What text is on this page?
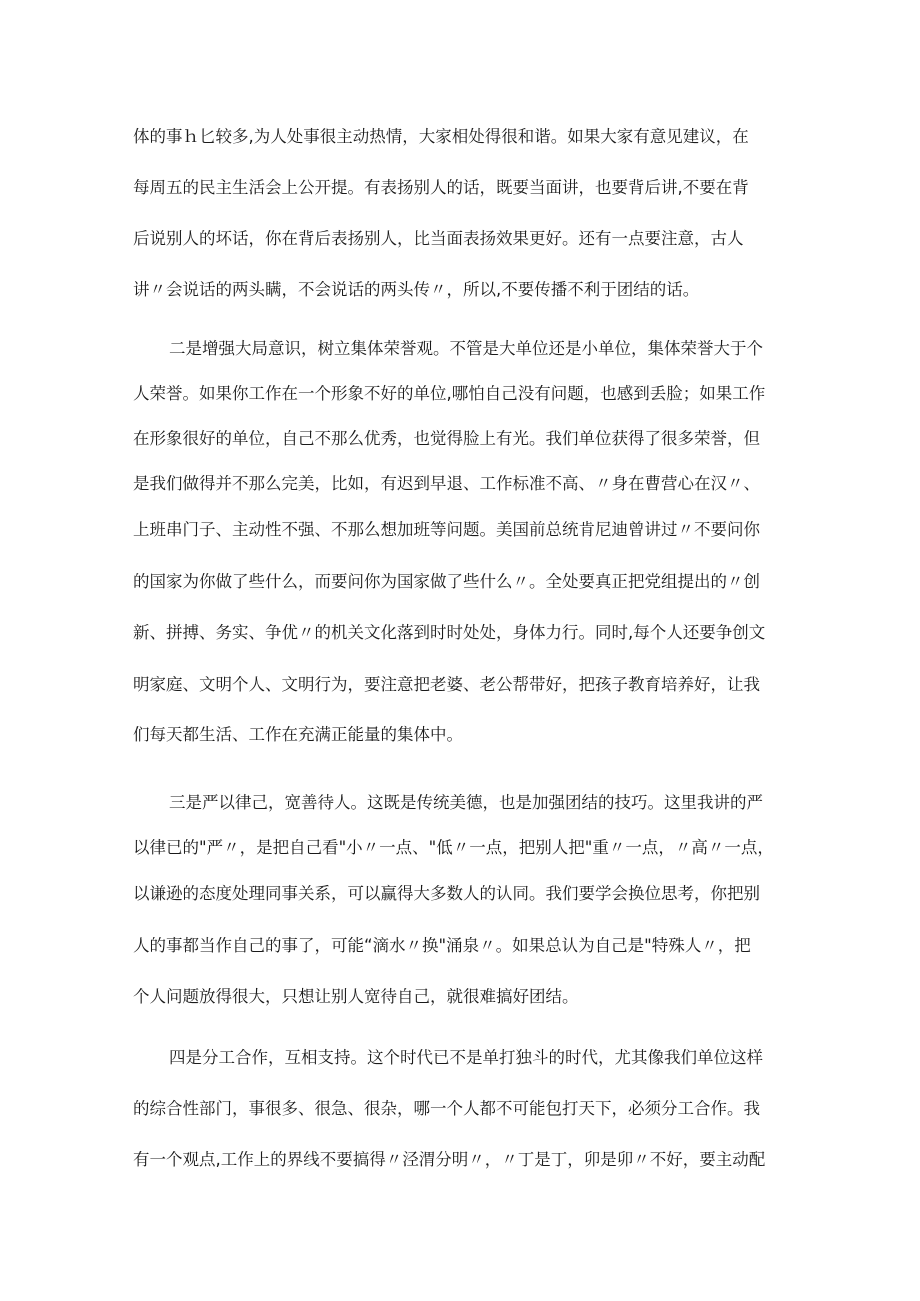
体的事ｈ匕较多,为人处事很主动热情，大家相处得很和谐。如果大家有意见建议，在
每周五的民主生活会上公开提。有表扬别人的话，既要当面讲，也要背后讲,不要在背
后说别人的坏话，你在背后表扬别人，比当面表扬效果更好。还有一点要注意，古人
讲〃会说话的两头瞒，不会说话的两头传〃，所以,不要传播不利于团结的话。
二是增强大局意识，树立集体荣誉观。不管是大单位还是小单位，集体荣誉大于个
人荣誉。如果你工作在一个形象不好的单位,哪怕自己没有问题，也感到丢脸；如果工作
在形象很好的单位，自己不那么优秀，也觉得脸上有光。我们单位获得了很多荣誉，但
是我们做得并不那么完美，比如，有迟到早退、工作标准不高、〃身在曹营心在汉〃、
上班串门子、主动性不强、不那么想加班等问题。美国前总统肯尼迪曾讲过〃不要问你
的国家为你做了些什么，而要问你为国家做了些什么〃。全处要真正把党组提出的〃创
新、拼搏、务实、争优〃的机关文化落到时时处处，身体力行。同时,每个人还要争创文
明家庭、文明个人、文明行为，要注意把老婆、老公帮带好，把孩子教育培养好，让我
们每天都生活、工作在充满正能量的集体中。
三是严以律己，宽善待人。这既是传统美德，也是加强团结的技巧。这里我讲的严
以律已的"严〃，是把自己看"小〃一点、"低〃一点，把别人把"重〃一点，〃高〃一点，
以谦逊的态度处理同事关系，可以赢得大多数人的认同。我们要学会换位思考，你把别
人的事都当作自己的事了，可能“滴水〃换"涌泉〃。如果总认为自己是"特殊人〃，把
个人问题放得很大，只想让别人宽待自己，就很难搞好团结。
四是分工合作，互相支持。这个时代已不是单打独斗的时代，尤其像我们单位这样
的综合性部门，事很多、很急、很杂，哪一个人都不可能包打天下，必须分工合作。我
有一个观点,工作上的界线不要搞得〃泾渭分明〃，〃丁是丁，卯是卯〃不好，要主动配
